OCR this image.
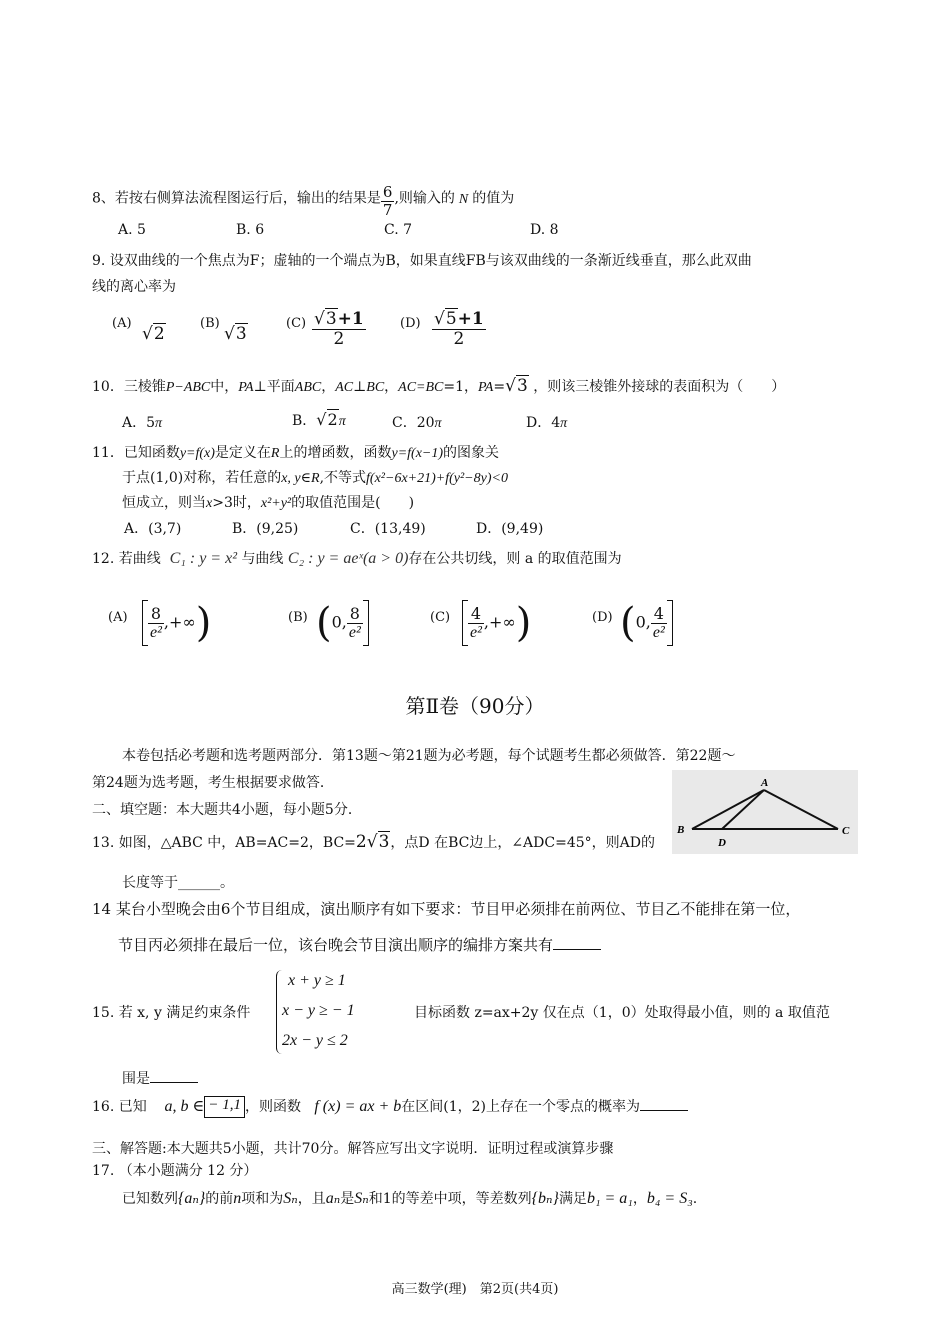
8、若按右侧算法流程图运行后，输出的结果是 $\frac{6}{7}$ ,则输入的 N 的值为
A. 5	B. 6	C. 7	D. 8
9. 设双曲线的一个焦点为F；虚轴的一个端点为B，如果直线FB与该双曲线的一条渐近线垂直，那么此双曲
线的离心率为
(A)
√2
(B)
√3
$(C) \frac{√3+1}{2}$	$(D) \frac{√5+1}{2}$
10．三棱锥P−ABC中，PA⊥平面ABC，AC⊥BC，AC=BC=1，PA=√3 ，则该三棱锥外接球的表面积为（　　）
A．5π	B．√2π	C．20π	D．4π
11．已知函数y=f(x)是定义在R上的增函数，函数y=f(x−1)的图象关
于点(1,0)对称，若任意的x, y∈R,不等式f(x²−6x+21)+f(y²−8y)<0
恒成立，则当x>3时，x²+y²的取值范围是(　　)
A．(3,7)	B．(9,25)	C．(13,49)	D．(9,49)
12. 若曲线 C₁ : y = x² 与曲线 C₂ : y = aeˣ(a > 0)存在公共切线，则 a 的取值范围为
$(A) \frac{8}{\text{e²}}$ ,+∞)	(B) (0, $\frac{8}{\text{e²}}$	$(C) \frac{4}{\text{e²}}$ ,+∞)	(D) (0, $\frac{4}{\text{e²}}$
第Ⅱ卷（90分）
本卷包括必考题和选考题两部分．第13题～第21题为必考题，每个试题考生都必须做答．第22题～
第24题为选考题，考生根据要求做答．
二、填空题：本大题共4小题，每小题5分．
A
B	C
D
13. 如图，△ABC 中，AB=AC=2，BC=2√3，点D 在BC边上，∠ADC=45°，则AD的
长度等于______。
14 某台小型晚会由6个节目组成，演出顺序有如下要求：节目甲必须排在前两位、节目乙不能排在第一位，
节目丙必须排在最后一位，该台晚会节目演出顺序的编排方案共有
15. 若 x, y 满足约束条件
x + y ≥ 1
x − y ≥ − 1
2x − y ≤ 2
目标函数 z=ax+2y 仅在点（1，0）处取得最小值，则的 a 取值范
围是
16. 已知 a, b ∈ − 1,1 ，则函数 f (x) = ax + b在区间(1，2)上存在一个零点的概率为
三、解答题:本大题共5小题，共计70分。解答应写出文字说明．证明过程或演算步骤
17. （本小题满分 12 分）
已知数列{aₙ}的前n项和为Sₙ，且aₙ是Sₙ和1的等差中项，等差数列{bₙ}满足b₁ = a₁，b₄ = S₃.
高三数学(理)　第2页(共4页)
